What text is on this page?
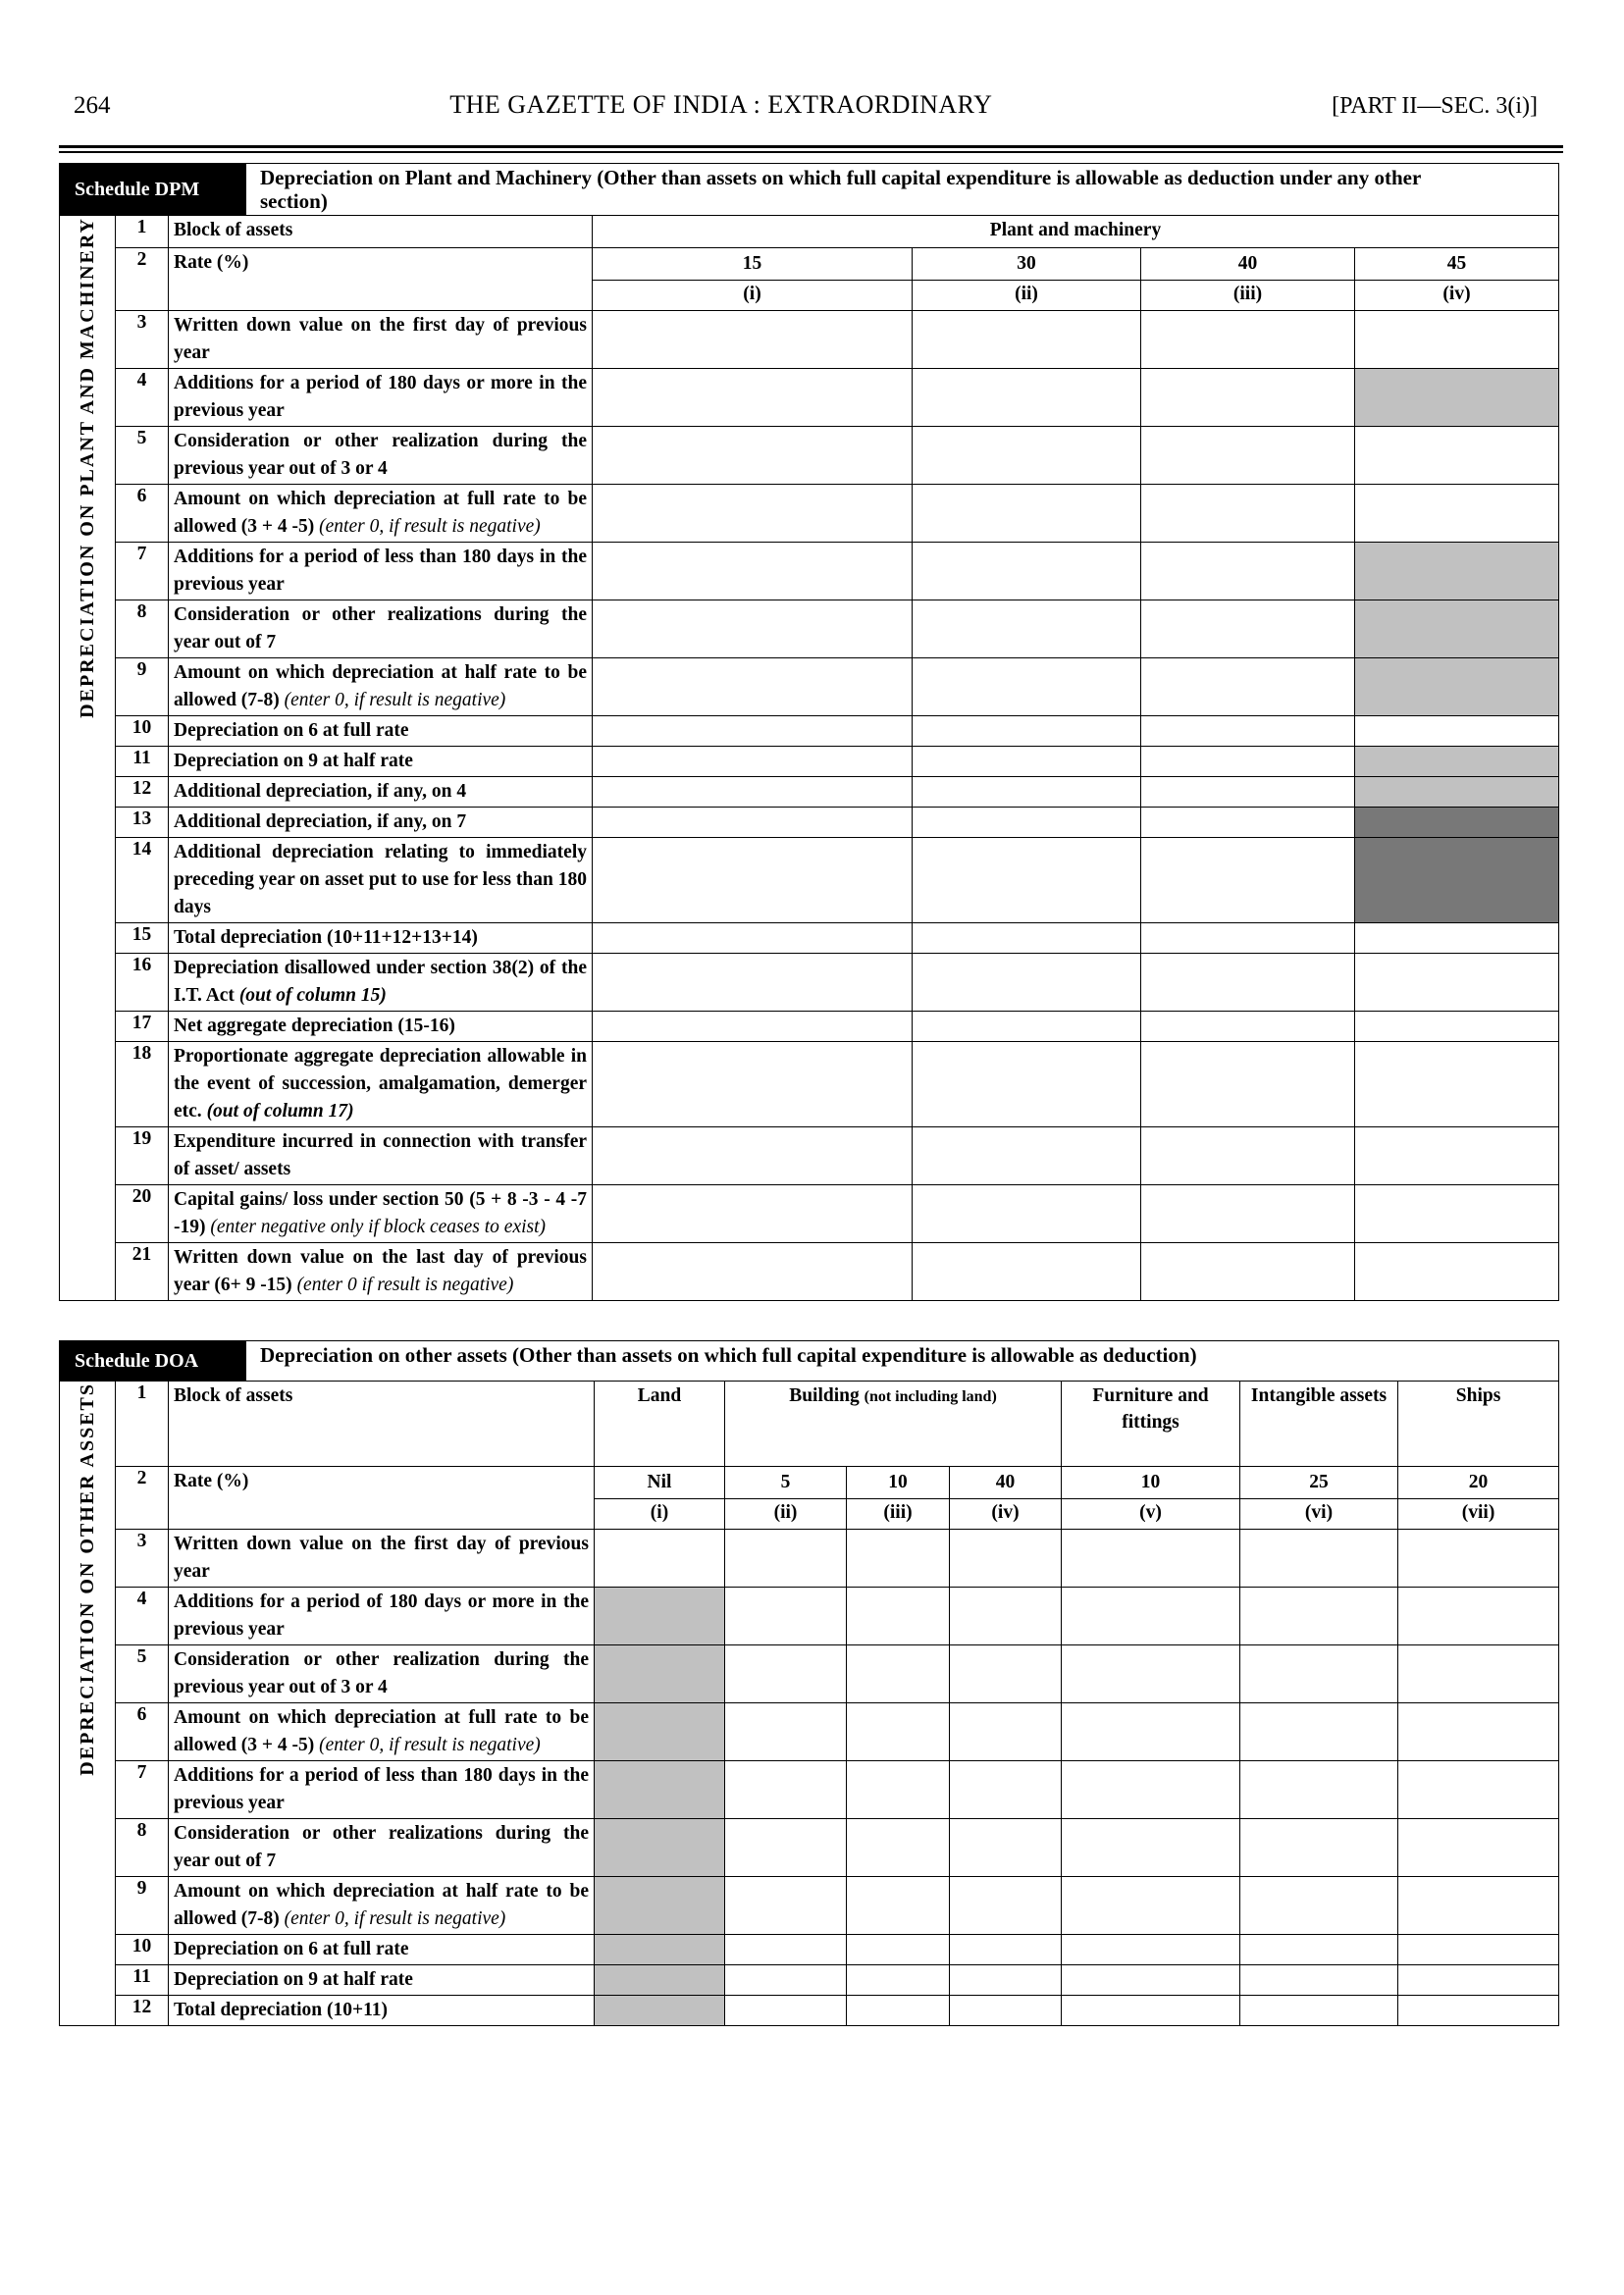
264	THE GAZETTE OF INDIA : EXTRAORDINARY	[PART II—SEC. 3(i)]
Schedule DPM Depreciation on Plant and Machinery (Other than assets on which full capital expenditure is allowable as deduction under any other section)						

DEPRECIATION ON PLANT AND MACHINERY	1	Block of assets	Plant and machinery			
	2	Rate (%)	15	30	40	45
			(i)	(ii)	(iii)	(iv)
	3	Written down value on the first day of previous year				
	4	Additions for a period of 180 days or more in the previous year				
	5	Consideration or other realization during the previous year out of 3 or 4				
	6	Amount on which depreciation at full rate to be allowed (3 + 4 -5) (enter 0, if result is negative)				
	7	Additions for a period of less than 180 days in the previous year				
	8	Consideration or other realizations during the year out of 7				
	9	Amount on which depreciation at half rate to be allowed (7-8) (enter 0, if result is negative)				
	10	Depreciation on 6 at full rate				
	11	Depreciation on 9 at half rate				
	12	Additional depreciation, if any, on 4				
	13	Additional depreciation, if any, on 7				
	14	Additional depreciation relating to immediately preceding year on asset put to use for less than 180 days				
	15	Total depreciation (10+11+12+13+14)				
	16	Depreciation disallowed under section 38(2) of the I.T. Act (out of column 15)				
	17	Net aggregate depreciation (15-16)				
	18	Proportionate aggregate depreciation allowable in the event of succession, amalgamation, demerger etc. (out of column 17)				
	19	Expenditure incurred in connection with transfer of asset/ assets				
	20	Capital gains/ loss under section 50 (5 + 8 -3 - 4 -7 -19) (enter negative only if block ceases to exist)				
	21	Written down value on the last day of previous year (6+ 9 -15) (enter 0 if result is negative)				
Schedule DOA Depreciation on other assets (Other than assets on which full capital expenditure is allowable as deduction)									

DEPRECIATION ON OTHER ASSETS	1	Block of assets	Land	Building (not including land)			Furniture and fittings	Intangible assets	Ships
	2	Rate (%)	Nil	5	10	40	10	25	20
			(i)	(ii)	(iii)	(iv)	(v)	(vi)	(vii)
	3	Written down value on the first day of previous year							
	4	Additions for a period of 180 days or more in the previous year							
	5	Consideration or other realization during the previous year out of 3 or 4							
	6	Amount on which depreciation at full rate to be allowed (3 + 4 -5) (enter 0, if result is negative)							
	7	Additions for a period of less than 180 days in the previous year							
	8	Consideration or other realizations during the year out of 7							
	9	Amount on which depreciation at half rate to be allowed (7-8) (enter 0, if result is negative)							
	10	Depreciation on 6 at full rate							
	11	Depreciation on 9 at half rate							
	12	Total depreciation (10+11)							
